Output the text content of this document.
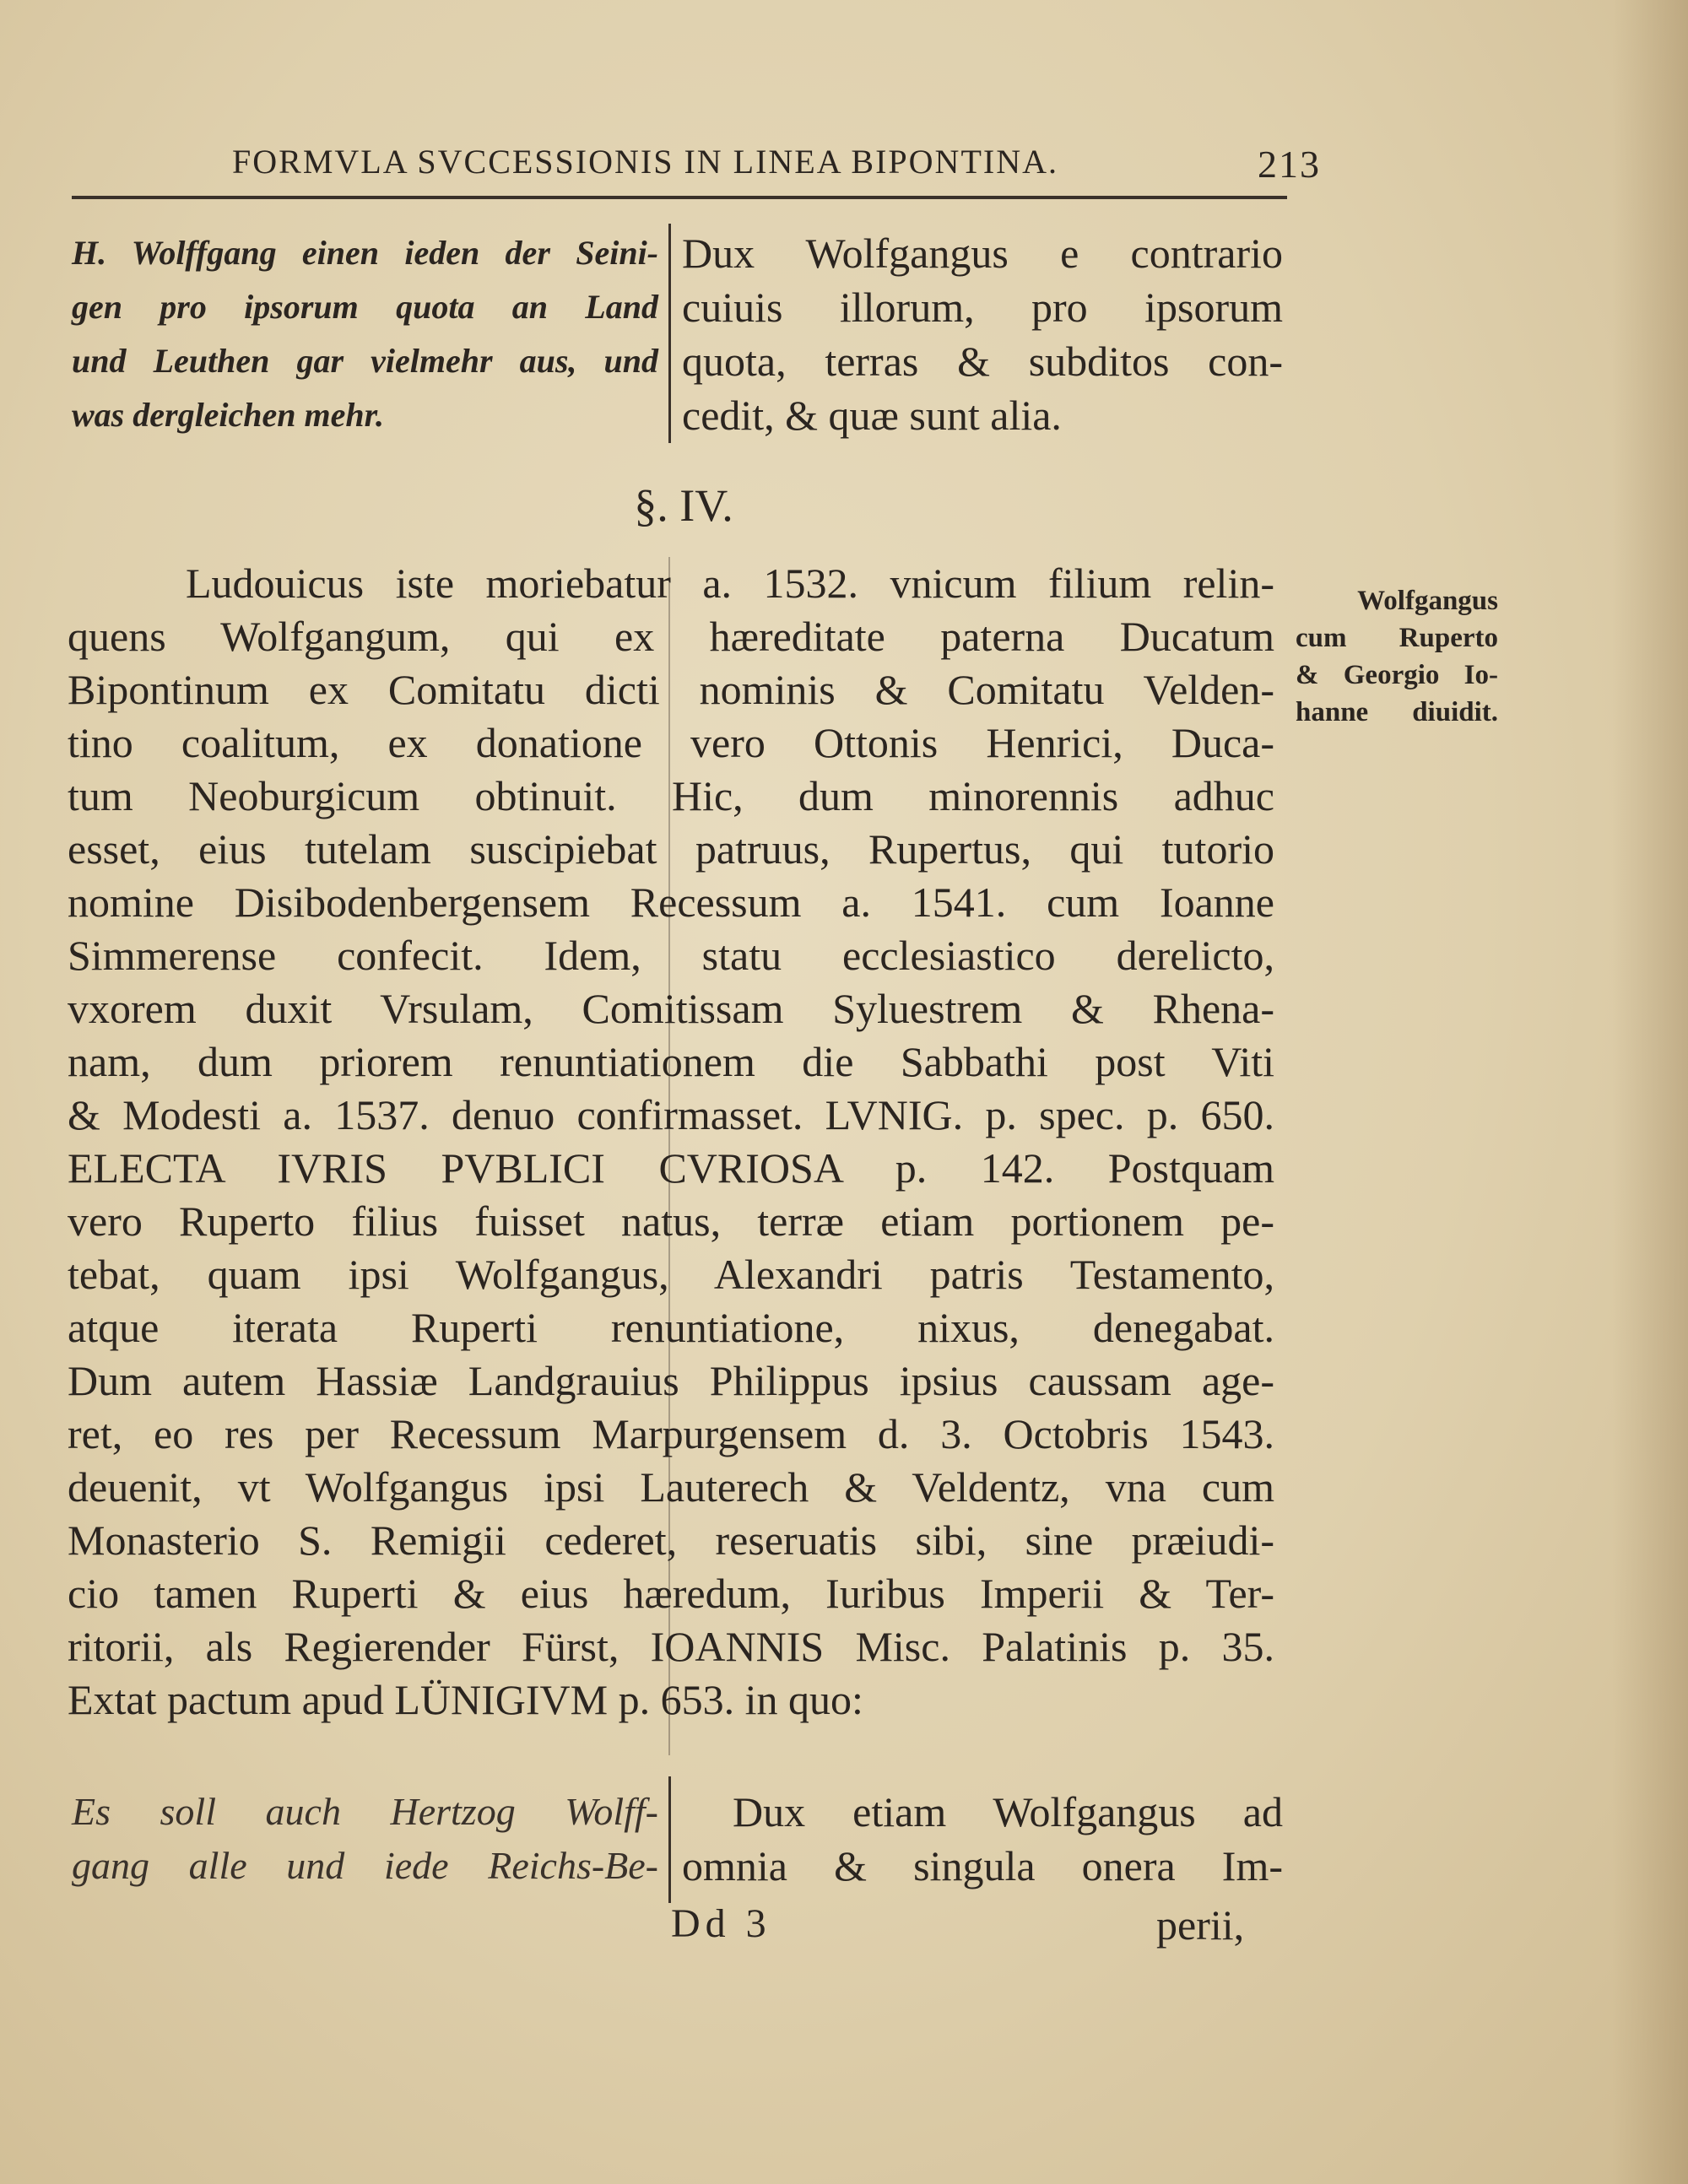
FORMVLA SVCCESSIONIS IN LINEA BIPONTINA.	213
H. Wolffgang einen ieden der Seini-
gen pro ipsorum quota an Land
und Leuthen gar vielmehr aus, und
was dergleichen mehr.
Dux Wolfgangus e contrario
cuiuis illorum, pro ipsorum
quota, terras & subditos con-
cedit, & quæ sunt alia.
§. IV.
Ludouicus iste moriebatur a. 1532. vnicum filium relin-
quens Wolfgangum, qui ex hæreditate paterna Ducatum
Bipontinum ex Comitatu dicti nominis & Comitatu Velden-
tino coalitum, ex donatione vero Ottonis Henrici, Duca-
tum Neoburgicum obtinuit. Hic, dum minorennis adhuc
esset, eius tutelam suscipiebat patruus, Rupertus, qui tutorio
nomine Disibodenbergensem Recessum a. 1541. cum Ioanne
Simmerense confecit. Idem, statu ecclesiastico derelicto,
vxorem duxit Vrsulam, Comitissam Syluestrem & Rhena-
nam, dum priorem renuntiationem die Sabbathi post Viti
& Modesti a. 1537. denuo confirmasset. LVNIG. p. spec. p. 650.
ELECTA IVRIS PVBLICI CVRIOSA p. 142. Postquam
vero Ruperto filius fuisset natus, terræ etiam portionem pe-
tebat, quam ipsi Wolfgangus, Alexandri patris Testamento,
atque iterata Ruperti renuntiatione, nixus, denegabat.
Dum autem Hassiæ Landgrauius Philippus ipsius caussam age-
ret, eo res per Recessum Marpurgensem d. 3. Octobris 1543.
deuenit, vt Wolfgangus ipsi Lauterech & Veldentz, vna cum
Monasterio S. Remigii cederet, reseruatis sibi, sine præiudi-
cio tamen Ruperti & eius hæredum, Iuribus Imperii & Ter-
ritorii, als Regierender Fürst, IOANNIS Misc. Palatinis p. 35.
Extat pactum apud LÜNIGIVM p. 653. in quo:
Wolfgangus
cum Ruperto
& Georgio Io-
hanne diuidit.
Es soll auch Hertzog Wolff-
gang alle und iede Reichs-Be-
Dux etiam Wolfgangus ad
omnia & singula onera Im-
Dd 3	perii,
